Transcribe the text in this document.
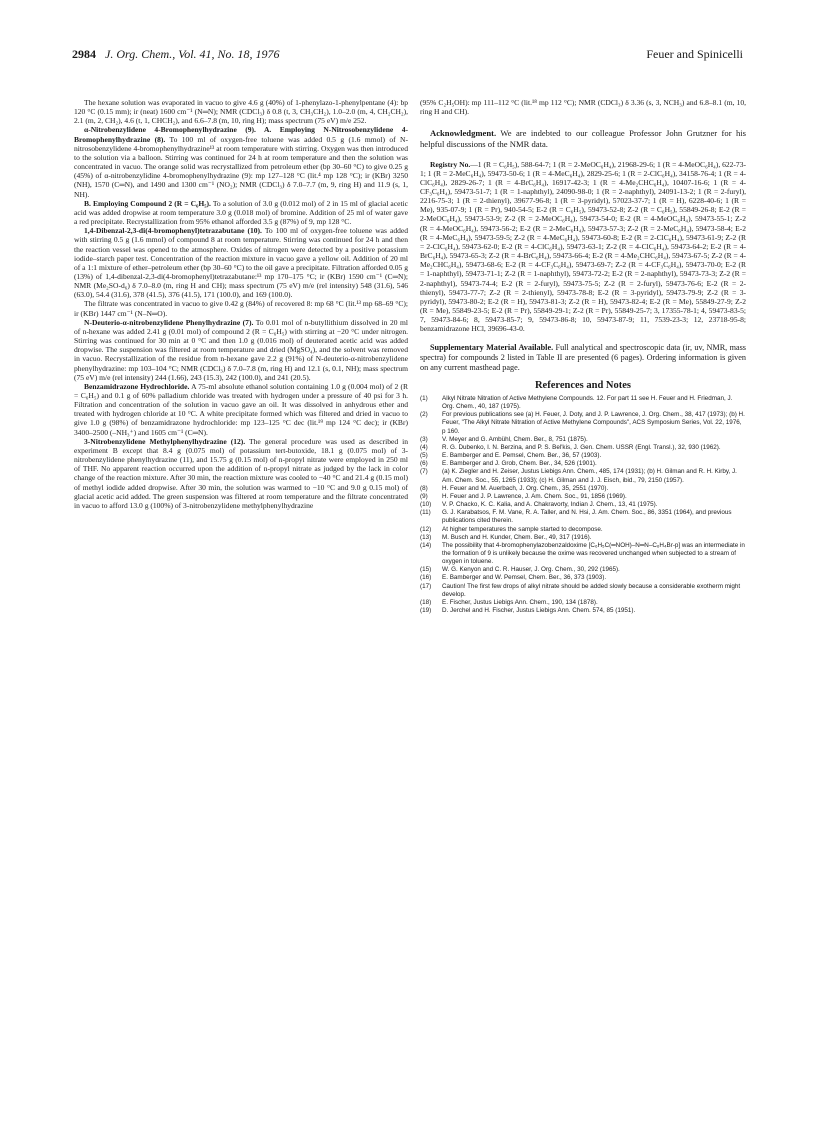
2984 J. Org. Chem., Vol. 41, No. 18, 1976	Feuer and Spinicelli

The hexane solution was evaporated in vacuo to give 4.6 g (40%) of 1-phenylazo-1-phenylpentane (4): bp 120 °C (0.15 mm); ir (neat) 1600 cm⁻¹ (N═N); NMR (CDCl₃) δ 0.8 (t, 3, CH₃CH₂), 1.0–2.0 (m, 4, CH₂CH₂), 2.1 (m, 2, CH₂), 4.6 (t, 1, CHCH₂), and 6.6–7.8 (m, 10, ring H); mass spectrum (75 eV) m/e 252.

α-Nitrobenzylidene 4-Bromophenylhydrazine (9). A. Employing N-Nitrosobenzylidene 4-Bromophenylhydrazine (8). To 100 ml of oxygen-free toluene was added 0.5 g (1.6 mmol) of N-nitrosobenzylidene 4-bromophenylhydrazine¹³ at room temperature with stirring. Oxygen was then introduced to the solution via a balloon. Stirring was continued for 24 h at room temperature and then the solution was concentrated in vacuo. The orange solid was recrystallized from petroleum ether (bp 30–60 °C) to give 0.25 g (45%) of α-nitrobenzylidine 4-bromophenylhydrazine (9): mp 127–128 °C (lit.⁴ mp 128 °C); ir (KBr) 3250 (NH), 1570 (C═N), and 1490 and 1300 cm⁻¹ (NO₂); NMR (CDCl₃) δ 7.0–7.7 (m, 9, ring H) and 11.9 (s, 1, NH).

B. Employing Compound 2 (R = C₆H₅). To a solution of 3.0 g (0.012 mol) of 2 in 15 ml of glacial acetic acid was added dropwise at room temperature 3.0 g (0.018 mol) of bromine. Addition of 25 ml of water gave a red precipitate. Recrystallization from 95% ethanol afforded 3.5 g (87%) of 9, mp 128 °C.

1,4-Dibenzal-2,3-di(4-bromophenyl)tetrazabutane (10). To 100 ml of oxygen-free toluene was added with stirring 0.5 g (1.6 mmol) of compound 8 at room temperature. Stirring was continued for 24 h and then the reaction vessel was opened to the atmosphere. Oxides of nitrogen were detected by a positive potassium iodide–starch paper test. Concentration of the reaction mixture in vacuo gave a yellow oil. Addition of 20 ml of a 1:1 mixture of ether–petroleum ether (bp 30–60 °C) to the oil gave a precipitate. Filtration afforded 0.05 g (13%) of 1,4-dibenzal-2,3-di(4-bromophenyl)tetrazabutane:¹³ mp 170–175 °C; ir (KBr) 1590 cm⁻¹ (C═N); NMR (Me₂SO-d₆) δ 7.0–8.0 (m, ring H and CH); mass spectrum (75 eV) m/e (rel intensity) 548 (31.6), 546 (63.0), 54.4 (31.6), 378 (41.5), 376 (41.5), 171 (100.0), and 169 (100.0).

The filtrate was concentrated in vacuo to give 0.42 g (84%) of recovered 8: mp 68 °C (lit.¹³ mp 68–69 °C); ir (KBr) 1447 cm⁻¹ (N–N═O).

N-Deuterio-α-nitrobenzylidene Phenylhydrazine (7). To 0.01 mol of n-butyllithium dissolved in 20 ml of n-hexane was added 2.41 g (0.01 mol) of compound 2 (R = C₆H₅) with stirring at −20 °C under nitrogen. Stirring was continued for 30 min at 0 °C and then 1.0 g (0.016 mol) of deuterated acetic acid was added dropwise. The suspension was filtered at room temperature and dried (MgSO₄), and the solvent was removed in vacuo. Recrystallization of the residue from n-hexane gave 2.2 g (91%) of N-deuterio-α-nitrobenzylidene phenylhydrazine: mp 103–104 °C; NMR (CDCl₃) δ 7.0–7.8 (m, ring H) and 12.1 (s, 0.1, NH); mass spectrum (75 eV) m/e (rel intensity) 244 (1.66), 243 (15.3), 242 (100.0), and 241 (20.5).

Benzamidrazone Hydrochloride. A 75-ml absolute ethanol solution containing 1.0 g (0.004 mol) of 2 (R = C₆H₅) and 0.1 g of 60% palladium chloride was treated with hydrogen under a pressure of 40 psi for 3 h. Filtration and concentration of the solution in vacuo gave an oil. It was dissolved in anhydrous ether and treated with hydrogen chloride at 10 °C. A white precipitate formed which was filtered and dried in vacuo to give 1.0 g (98%) of benzamidrazone hydrochloride: mp 123–125 °C dec (lit.¹⁹ mp 124 °C dec); ir (KBr) 3400–2500 (–NH₃⁺) and 1605 cm⁻¹ (C═N).

3-Nitrobenzylidene Methylphenylhydrazine (12). The general procedure was used as described in experiment B except that 8.4 g (0.075 mol) of potassium tert-butoxide, 18.1 g (0.075 mol) of 3-nitrobenzylidene phenylhydrazine (11), and 15.75 g (0.15 mol) of n-propyl nitrate were employed in 250 ml of THF. No apparent reaction occurred upon the addition of n-propyl nitrate as judged by the lack in color change of the reaction mixture. After 30 min, the reaction mixture was cooled to −40 °C and 21.4 g (0.15 mol) of methyl iodide added dropwise. After 30 min, the solution was warmed to −10 °C and 9.0 g 0.15 mol) of glacial acetic acid added. The green suspension was filtered at room temperature and the filtrate concentrated in vacuo to afford 13.0 g (100%) of 3-nitrobenzylidene methylphenylhydrazine

(95% C₂H₅OH): mp 111–112 °C (lit.¹⁸ mp 112 °C); NMR (CDCl₃) δ 3.36 (s, 3, NCH₃) and 6.8–8.1 (m, 10, ring H and CH).

Acknowledgment. We are indebted to our colleague Professor John Grutzner for his helpful discussions of the NMR data.

Registry No.—1 (R = C₆H₅), 588-64-7; 1 (R = 2-MeOC₆H₄), 21968-29-6; 1 (R = 4-MeOC₆H₄), 622-73-1; 1 (R = 2-MeC₆H₄), 59473-50-6; 1 (R = 4-MeC₆H₄), 2829-25-6; 1 (R = 2-ClC₆H₄), 34158-76-4; 1 (R = 4-ClC₆H₄), 2829-26-7; 1 (R = 4-BrC₆H₄), 16917-42-3; 1 (R = 4-Me₂CHC₆H₄), 10407-16-6; 1 (R = 4-CF₃C₆H₄), 59473-51-7; 1 (R = 1-naphthyl), 24090-98-0; 1 (R = 2-naphthyl), 24091-13-2; 1 (R = 2-furyl), 2216-75-3; 1 (R = 2-thienyl), 39677-96-8; 1 (R = 3-pyridyl), 57023-37-7; 1 (R = H), 6228-40-6; 1 (R = Me), 935-07-9; 1 (R = Pr), 940-54-5; E-2 (R = C₆H₅), 59473-52-8; Z-2 (R = C₆H₅), 55849-26-8; E-2 (R = 2-MeOC₆H₄), 59473-53-9; Z-2 (R = 2-MeOC₆H₄), 59473-54-0; E-2 (R = 4-MeOC₆H₄), 59473-55-1; Z-2 (R = 4-MeOC₆H₄), 59473-56-2; E-2 (R = 2-MeC₆H₄), 59473-57-3; Z-2 (R = 2-MeC₆H₄), 59473-58-4; E-2 (R = 4-MeC₆H₄), 59473-59-5; Z-2 (R = 4-MeC₆H₄), 59473-60-8; E-2 (R = 2-ClC₆H₄), 59473-61-9; Z-2 (R = 2-ClC₆H₄), 59473-62-0; E-2 (R = 4-ClC₆H₄), 59473-63-1; Z-2 (R = 4-ClC₆H₄), 59473-64-2; E-2 (R = 4-BrC₆H₄), 59473-65-3; Z-2 (R = 4-BrC₆H₄), 59473-66-4; E-2 (R = 4-Me₂CHC₆H₄), 59473-67-5; Z-2 (R = 4-Me₂CHC₆H₄), 59473-68-6; E-2 (R = 4-CF₃C₆H₄), 59473-69-7; Z-2 (R = 4-CF₃C₆H₄), 59473-70-0; E-2 (R = 1-naphthyl), 59473-71-1; Z-2 (R = 1-naphthyl), 59473-72-2; E-2 (R = 2-naphthyl), 59473-73-3; Z-2 (R = 2-naphthyl), 59473-74-4; E-2 (R = 2-furyl), 59473-75-5; Z-2 (R = 2-furyl), 59473-76-6; E-2 (R = 2-thienyl), 59473-77-7; Z-2 (R = 2-thienyl), 59473-78-8; E-2 (R = 3-pyridyl), 59473-79-9; Z-2 (R = 3-pyridyl), 59473-80-2; E-2 (R = H), 59473-81-3; Z-2 (R = H), 59473-82-4; E-2 (R = Me), 55849-27-9; Z-2 (R = Me), 55849-23-5; E-2 (R = Pr), 55849-29-1; Z-2 (R = Pr), 55849-25-7; 3, 17355-78-1; 4, 59473-83-5; 7, 59473-84-6; 8, 59473-85-7; 9, 59473-86-8; 10, 59473-87-9; 11, 7539-23-3; 12, 23718-95-8; benzamidrazone HCl, 39696-43-0.

Supplementary Material Available. Full analytical and spectroscopic data (ir, uv, NMR, mass spectra) for compounds 2 listed in Table II are presented (6 pages). Ordering information is given on any current masthead page.

References and Notes
(1)	Alkyl Nitrate Nitration of Active Methylene Compounds. 12. For part 11 see H. Feuer and H. Friedman, J. Org. Chem., 40, 187 (1975).
(2)	For previous publications see (a) H. Feuer, J. Doty, and J. P. Lawrence, J. Org. Chem., 38, 417 (1973); (b) H. Feuer, "The Alkyl Nitrate Nitration of Active Methylene Compounds", ACS Symposium Series, Vol. 22, 1976, p 160.
(3)	V. Meyer and G. Ambühl, Chem. Ber., 8, 751 (1875).
(4)	R. G. Dubenko, I. N. Berzina, and P. S. Bel'kis, J. Gen. Chem. USSR (Engl. Transl.), 32, 930 (1962).
(5)	E. Bamberger and E. Pemsel, Chem. Ber., 36, 57 (1903).
(6)	E. Bamberger and J. Grob, Chem. Ber., 34, 526 (1901).
(7)	(a) K. Ziegler and H. Zeiser, Justus Liebigs Ann. Chem., 485, 174 (1931); (b) H. Gilman and R. H. Kirby, J. Am. Chem. Soc., 55, 1265 (1933); (c) H. Gilman and J. J. Eisch, ibid., 79, 2150 (1957).
(8)	H. Feuer and M. Auerbach, J. Org. Chem., 35, 2551 (1970).
(9)	H. Feuer and J. P. Lawrence, J. Am. Chem. Soc., 91, 1856 (1969).
(10)	V. P. Chacko, K. C. Kalia, and A. Chakravorty, Indian J. Chem., 13, 41 (1975).
(11)	G. J. Karabatsos, F. M. Vane, R. A. Taller, and N. Hsi, J. Am. Chem. Soc., 86, 3351 (1964), and previous publications cited therein.
(12)	At higher temperatures the sample started to decompose.
(13)	M. Busch and H. Kunder, Chem. Ber., 49, 317 (1916).
(14)	The possibility that 4-bromophenylazobenzaldoxime [C₆H₅C(═NOH)–N═N–C₆H₄Br-p] was an intermediate in the formation of 9 is unlikely because the oxime was recovered unchanged when subjected to a stream of oxygen in toluene.
(15)	W. G. Kenyon and C. R. Hauser, J. Org. Chem., 30, 292 (1965).
(16)	E. Bamberger and W. Pemsel, Chem. Ber., 36, 373 (1903).
(17)	Caution! The first few drops of alkyl nitrate should be added slowly because a considerable exotherm might develop.
(18)	E. Fischer, Justus Liebigs Ann. Chem., 190, 134 (1878).
(19)	D. Jerchel and H. Fischer, Justus Liebigs Ann. Chem. 574, 85 (1951).
